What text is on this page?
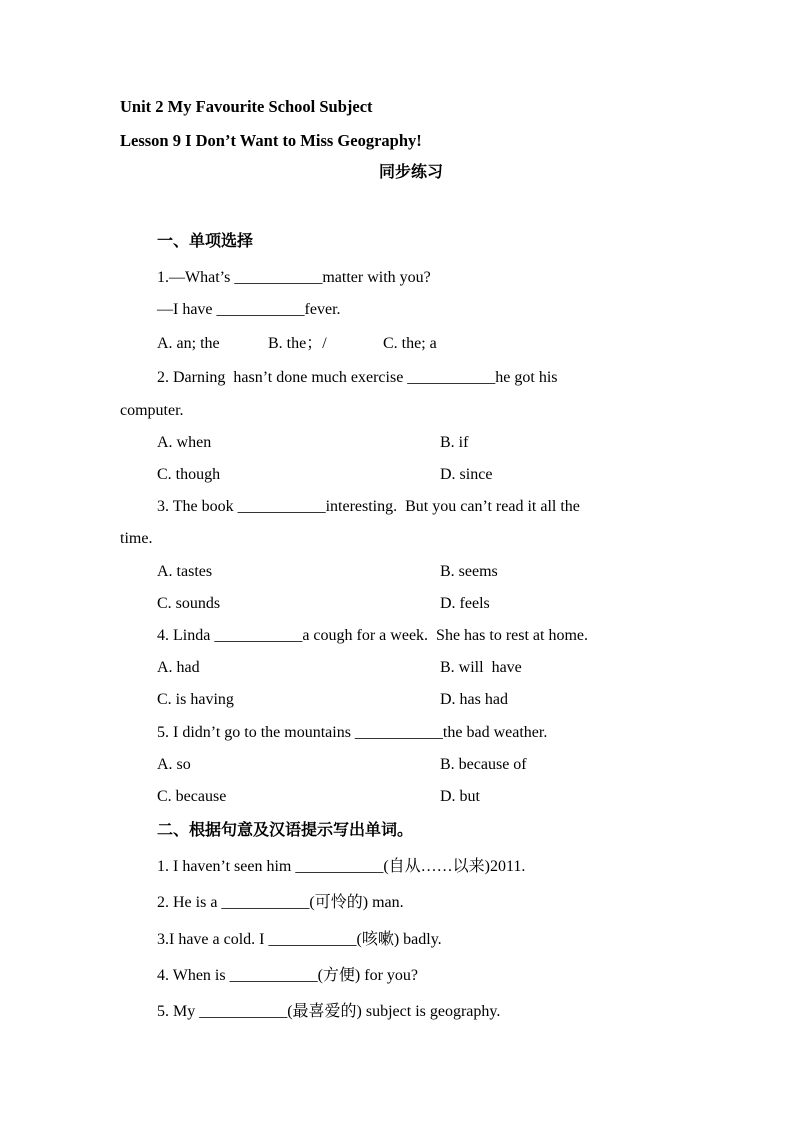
Unit 2 My Favourite School Subject
Lesson 9 I Don’t Want to Miss Geography!
同步练习
一、单项选择
1.—What’s ___________matter with you?
—I have ___________fever.
A. an; the	B. the；/	C. the; a
2. Darning  hasn’t done much exercise ___________he got his
computer.
A. when	B. if
C. though	D. since
3. The book ___________interesting.  But you can’t read it all the
time.
A. tastes	B. seems
C. sounds	D. feels
4. Linda ___________a cough for a week.  She has to rest at home.
A. had	B. will  have
C. is having	D. has had
5. I didn’t go to the mountains ___________the bad weather.
A. so	B. because of
C. because	D. but
二、根据句意及汉语提示写出单词。
1. I haven’t seen him ___________(自从……以来)2011.
2. He is a ___________(可怜的) man.
3.I have a cold. I ___________(咳嗽) badly.
4. When is ___________(方便) for you?
5. My ___________(最喜爱的) subject is geography.
